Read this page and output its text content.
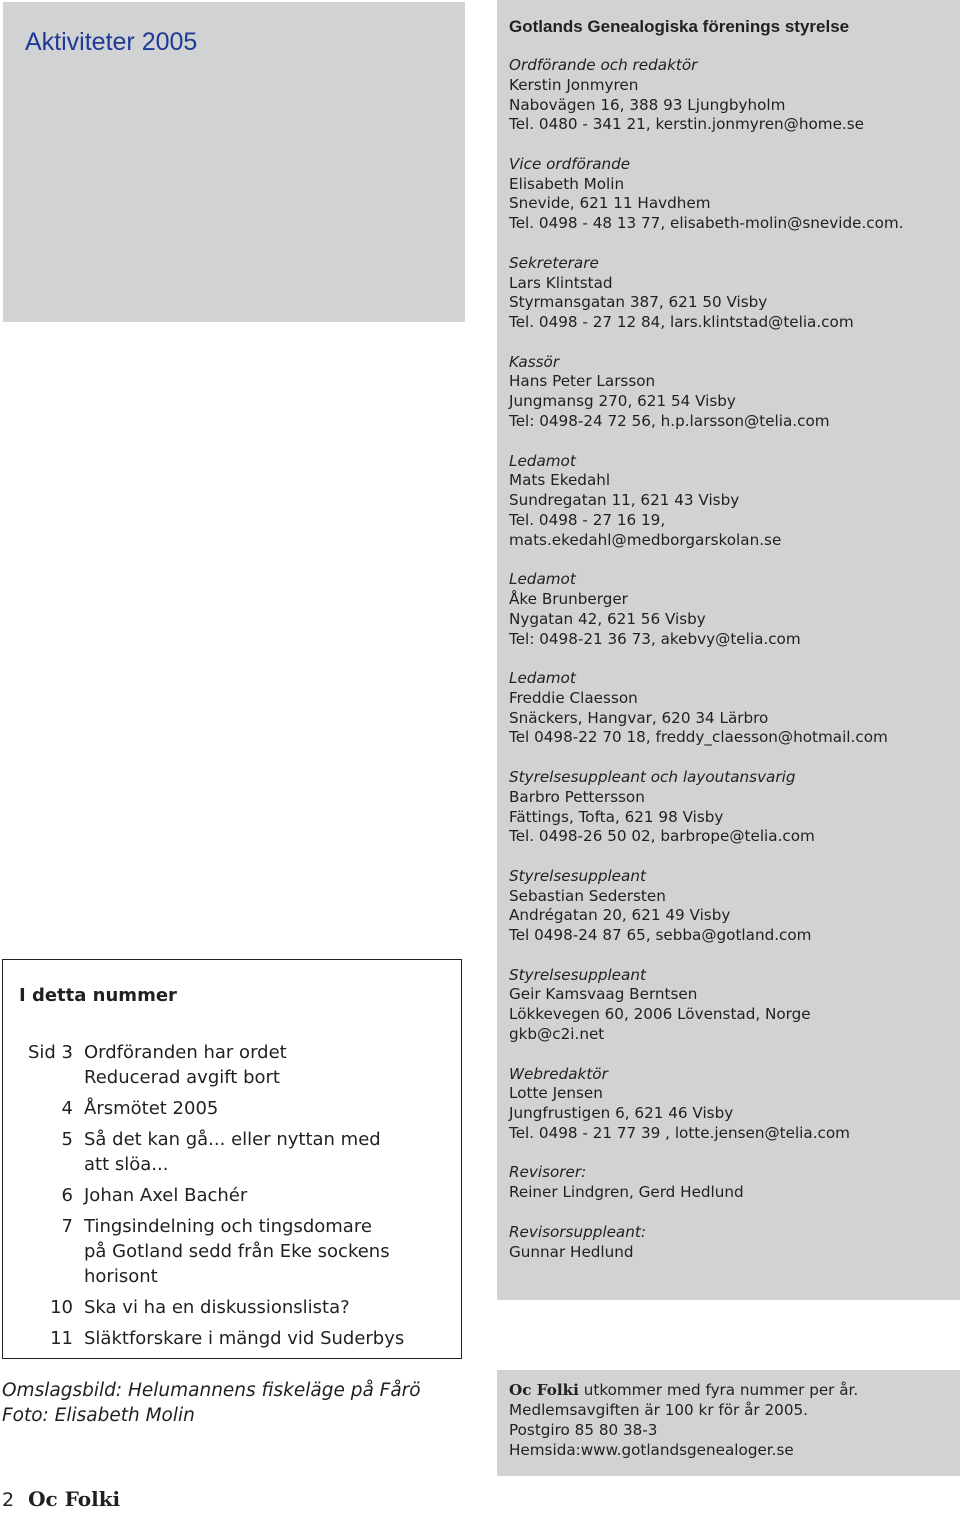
Aktiviteter 2005
Gotlands Genealogiska förenings styrelse
Ordförande och redaktör
Kerstin Jonmyren
Nabovägen 16, 388 93 Ljungbyholm
Tel. 0480 - 341 21, kerstin.jonmyren@home.se
Vice ordförande
Elisabeth Molin
Snevide, 621 11 Havdhem
Tel. 0498 - 48 13 77, elisabeth-molin@snevide.com.
Sekreterare
Lars Klintstad
Styrmansgatan 387, 621 50 Visby
Tel. 0498 - 27 12 84, lars.klintstad@telia.com
Kassör
Hans Peter Larsson
Jungmansg 270, 621 54 Visby
Tel: 0498-24 72 56, h.p.larsson@telia.com
Ledamot
Mats Ekedahl
Sundregatan 11, 621 43 Visby
Tel. 0498 - 27 16 19,
mats.ekedahl@medborgarskolan.se
Ledamot
Åke Brunberger
Nygatan 42, 621 56 Visby
Tel: 0498-21 36 73, akebvy@telia.com
Ledamot
Freddie Claesson
Snäckers, Hangvar, 620 34 Lärbro
Tel 0498-22 70 18, freddy_claesson@hotmail.com
Styrelsesuppleant och layoutansvarig
Barbro Pettersson
Fättings, Tofta, 621 98 Visby
Tel. 0498-26 50 02, barbrope@telia.com
Styrelsesuppleant
Sebastian Sedersten
Andrégatan 20, 621 49 Visby
Tel 0498-24 87 65, sebba@gotland.com
Styrelsesuppleant
Geir Kamsvaag Berntsen
Lökkevegen 60, 2006 Lövenstad, Norge
gkb@c2i.net
Webredaktör
Lotte Jensen
Jungfrustigen 6, 621 46 Visby
Tel. 0498 - 21 77 39 , lotte.jensen@telia.com
Revisorer:
Reiner Lindgren, Gerd Hedlund
Revisorsuppleant:
Gunnar Hedlund
I detta nummer
Sid 3 Ordföranden har ordet
Reducerad avgift bort
4 Årsmötet 2005
5 Så det kan gå... eller nyttan med
att slöa...
6 Johan Axel Bachér
7 Tingsindelning och tingsdomare
på Gotland sedd från Eke sockens
horisont
10 Ska vi ha en diskussionslista?
11 Släktforskare i mängd vid Suderbys
Omslagsbild: Helumannens fiskeläge på Fårö
Foto: Elisabeth Molin
Oc Folki utkommer med fyra nummer per år.
Medlemsavgiften är 100 kr för år 2005.
Postgiro 85 80 38-3
Hemsida:www.gotlandsgenealoger.se
2 Oc Folki
